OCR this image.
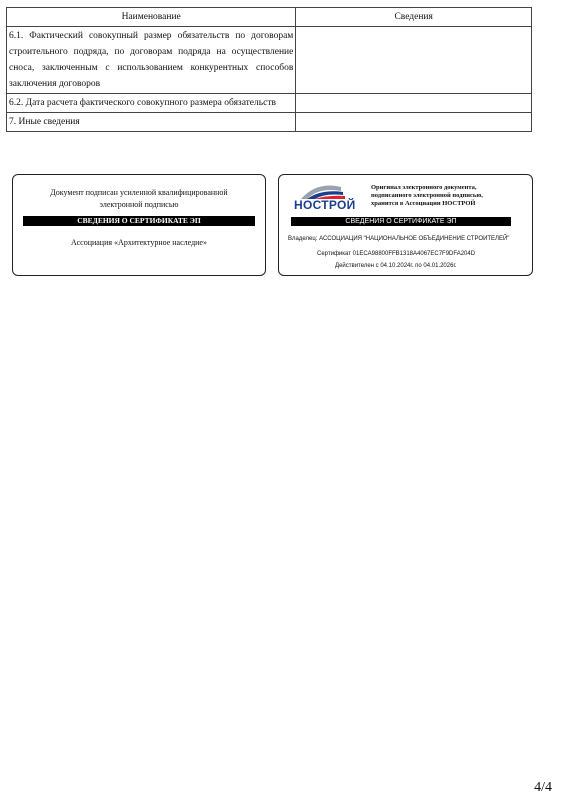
Наименование	Сведения
6.1. Фактический совокупный размер обязательств по договорам строительного подряда, по договорам подряда на осуществление сноса, заключенным с использованием конкурентных способов заключения договоров	
6.2. Дата расчета фактического совокупного размера обязательств	
7. Иные сведения	
Документ подписан усиленной квалифицированной
электронной подписью
СВЕДЕНИЯ О СЕРТИФИКАТЕ ЭП
Ассоциация «Архитектурное наследие»
НОСТРОЙ
Оригинал электронного документа,
подписанного электронной подписью,
хранится в Ассоциации НОСТРОЙ
СВЕДЕНИЯ О СЕРТИФИКАТЕ ЭП
Владелец: АССОЦИАЦИЯ "НАЦИОНАЛЬНОЕ ОБЪЕДИНЕНИЕ СТРОИТЕЛЕЙ"
Сертификат 01ECA98800FFB1318A4067EC7F9DFA204D
Действителен с 04.10.2024г. по 04.01.2026г.
4/4
